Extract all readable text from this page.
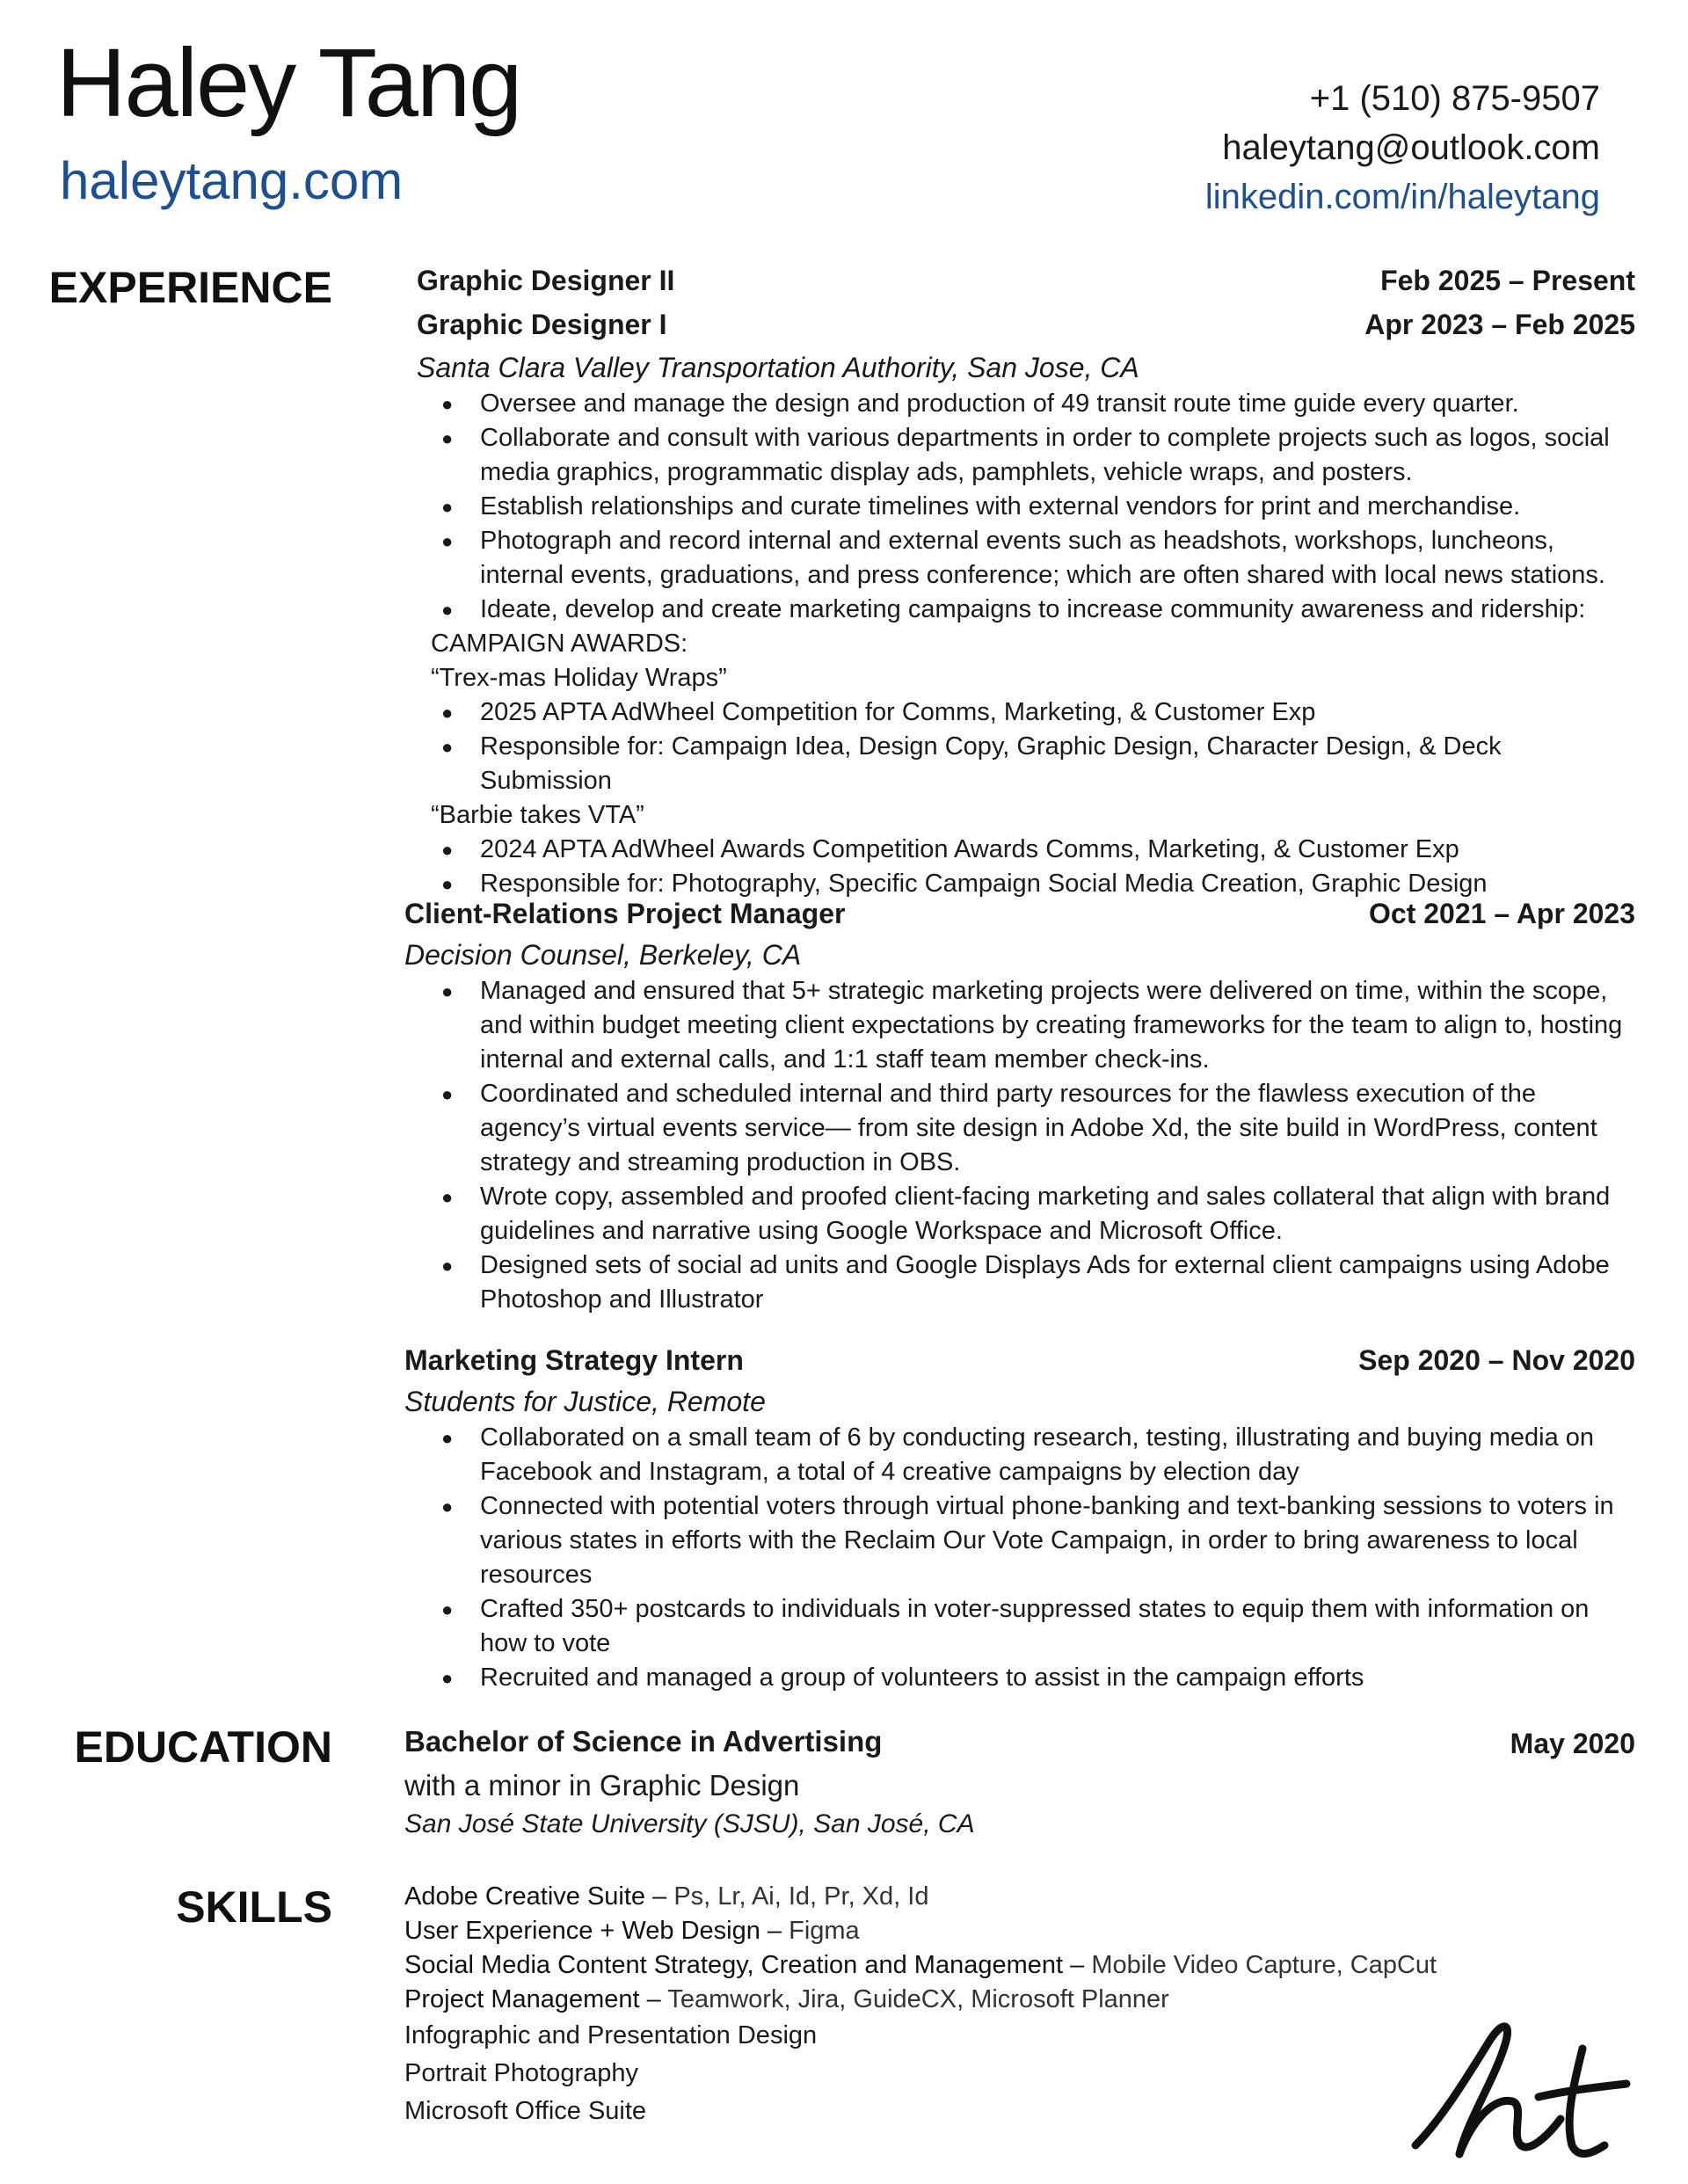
Haley Tang
haleytang.com
+1 (510) 875-9507
haleytang@outlook.com
linkedin.com/in/haleytang
EXPERIENCE	Graphic Designer II	Feb 2025 – Present
Graphic Designer I	Apr 2023 – Feb 2025
Santa Clara Valley Transportation Authority, San Jose, CA
● Oversee and manage the design and production of 49 transit route time guide every quarter.
● Collaborate and consult with various departments in order to complete projects such as logos, social media graphics, programmatic display ads, pamphlets, vehicle wraps, and posters.
● Establish relationships and curate timelines with external vendors for print and merchandise.
● Photograph and record internal and external events such as headshots, workshops, luncheons, internal events, graduations, and press conference; which are often shared with local news stations.
● Ideate, develop and create marketing campaigns to increase community awareness and ridership:
CAMPAIGN AWARDS:
“Trex-mas Holiday Wraps”
● 2025 APTA AdWheel Competition for Comms, Marketing, & Customer Exp
● Responsible for: Campaign Idea, Design Copy, Graphic Design, Character Design, & Deck Submission
“Barbie takes VTA”
● 2024 APTA AdWheel Awards Competition Awards Comms, Marketing, & Customer Exp
● Responsible for: Photography, Specific Campaign Social Media Creation, Graphic Design
Client-Relations Project Manager	Oct 2021 – Apr 2023
Decision Counsel, Berkeley, CA
● Managed and ensured that 5+ strategic marketing projects were delivered on time, within the scope, and within budget meeting client expectations by creating frameworks for the team to align to, hosting internal and external calls, and 1:1 staff team member check-ins.
● Coordinated and scheduled internal and third party resources for the flawless execution of the agency’s virtual events service— from site design in Adobe Xd, the site build in WordPress, content strategy and streaming production in OBS.
● Wrote copy, assembled and proofed client-facing marketing and sales collateral that align with brand guidelines and narrative using Google Workspace and Microsoft Office.
● Designed sets of social ad units and Google Displays Ads for external client campaigns using Adobe Photoshop and Illustrator
Marketing Strategy Intern	Sep 2020 – Nov 2020
Students for Justice, Remote
● Collaborated on a small team of 6 by conducting research, testing, illustrating and buying media on Facebook and Instagram, a total of 4 creative campaigns by election day
● Connected with potential voters through virtual phone-banking and text-banking sessions to voters in various states in efforts with the Reclaim Our Vote Campaign, in order to bring awareness to local resources
● Crafted 350+ postcards to individuals in voter-suppressed states to equip them with information on how to vote
● Recruited and managed a group of volunteers to assist in the campaign efforts
EDUCATION Bachelor of Science in Advertising	May 2020
with a minor in Graphic Design
San José State University (SJSU), San José, CA
SKILLS	Adobe Creative Suite – Ps, Lr, Ai, Id, Pr, Xd, Id
User Experience + Web Design – Figma
Social Media Content Strategy, Creation and Management – Mobile Video Capture, CapCut
Project Management – Teamwork, Jira, GuideCX, Microsoft Planner
Infographic and Presentation Design
Portrait Photography
Microsoft Office Suite
